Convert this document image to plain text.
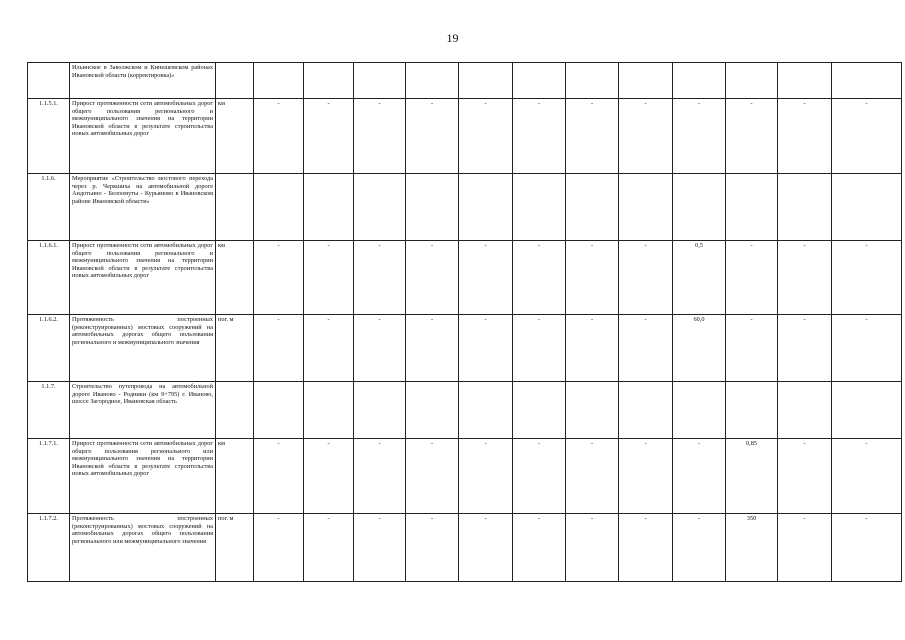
19
	Ильинское в Заволжском и Кинешемском районах Ивановской области (корректировка)»													
1.1.5.1.	Прирост протяженности сети автомобильных дорог общего пользования регионального и межмуниципального значения на территории Ивановской области в результате строительства новых автомобильных дорог	км	-	-	-	-	-	-	-	-	-	-	-	-
1.1.6.	Мероприятие «Строительство мостового перехода через р. Черкшиха на автомобильной дороге Андотьино - Белоомуты - Курьяново в Ивановском районе Ивановской области»													
1.1.6.1.	Прирост протяженности сети автомобильных дорог общего пользования регионального и межмуниципального значения на территории Ивановской области в результате строительства новых автомобильных дорог	км	-	-	-	-	-	-	-	-	0,5	-	-	-
1.1.6.2.	Протяженность построенных (реконструированных) мостовых сооружений на автомобильных дорогах общего пользования регионального и межмуниципального значения	пог. м	-	-	-	-	-	-	-	-	60,0	-	-	-
1.1.7.	Строительство путепровода на автомобильной дороге Иваново - Родники (км 9+795) г. Иваново, шоссе Загородное, Ивановская область													
1.1.7.1.	Прирост протяженности сети автомобильных дорог общего пользования регионального или межмуниципального значения на территории Ивановской области в результате строительства новых автомобильных дорог	км	-	-	-	-	-	-	-	-	-	0,85	-	-
1.1.7.2.	Протяженность построенных (реконструированных) мостовых сооружений на автомобильных дорогах общего пользования регионального или межмуниципального значения	пог. м	-	-	-	-	-	-	-	-	-	350	-	-
